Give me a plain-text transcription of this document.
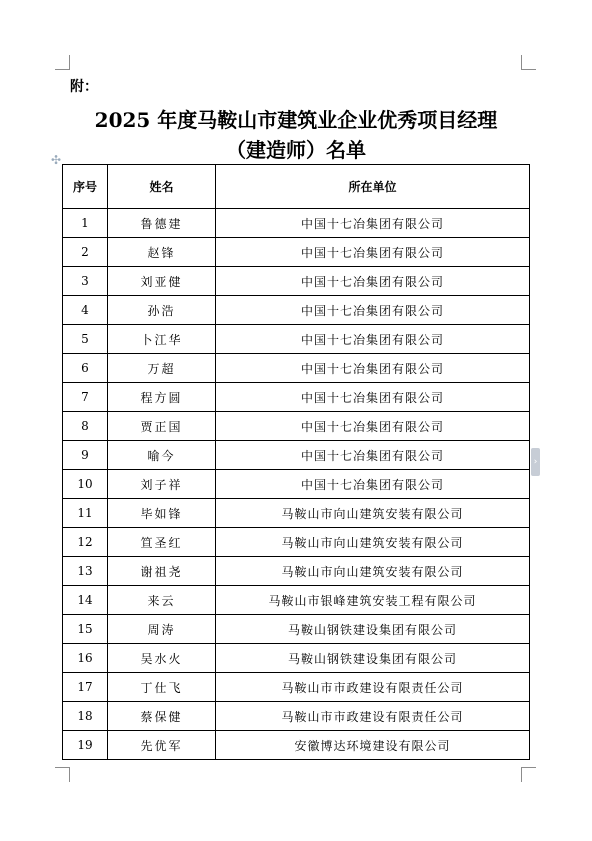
附：
2025 年度马鞍山市建筑业企业优秀项目经理
（建造师）名单
✣
序号	姓名	所在单位
1	鲁德建	中国十七冶集团有限公司
2	赵锋	中国十七冶集团有限公司
3	刘亚健	中国十七冶集团有限公司
4	孙浩	中国十七冶集团有限公司
5	卜江华	中国十七冶集团有限公司
6	万超	中国十七冶集团有限公司
7	程方圆	中国十七冶集团有限公司
8	贾正国	中国十七冶集团有限公司
9	喻今	中国十七冶集团有限公司
10	刘子祥	中国十七冶集团有限公司
11	毕如锋	马鞍山市向山建筑安装有限公司
12	笪圣红	马鞍山市向山建筑安装有限公司
13	谢祖尧	马鞍山市向山建筑安装有限公司
14	来云	马鞍山市银峰建筑安装工程有限公司
15	周涛	马鞍山钢铁建设集团有限公司
16	吴水火	马鞍山钢铁建设集团有限公司
17	丁仕飞	马鞍山市市政建设有限责任公司
18	蔡保健	马鞍山市市政建设有限责任公司
19	先优军	安徽博达环境建设有限公司
›
